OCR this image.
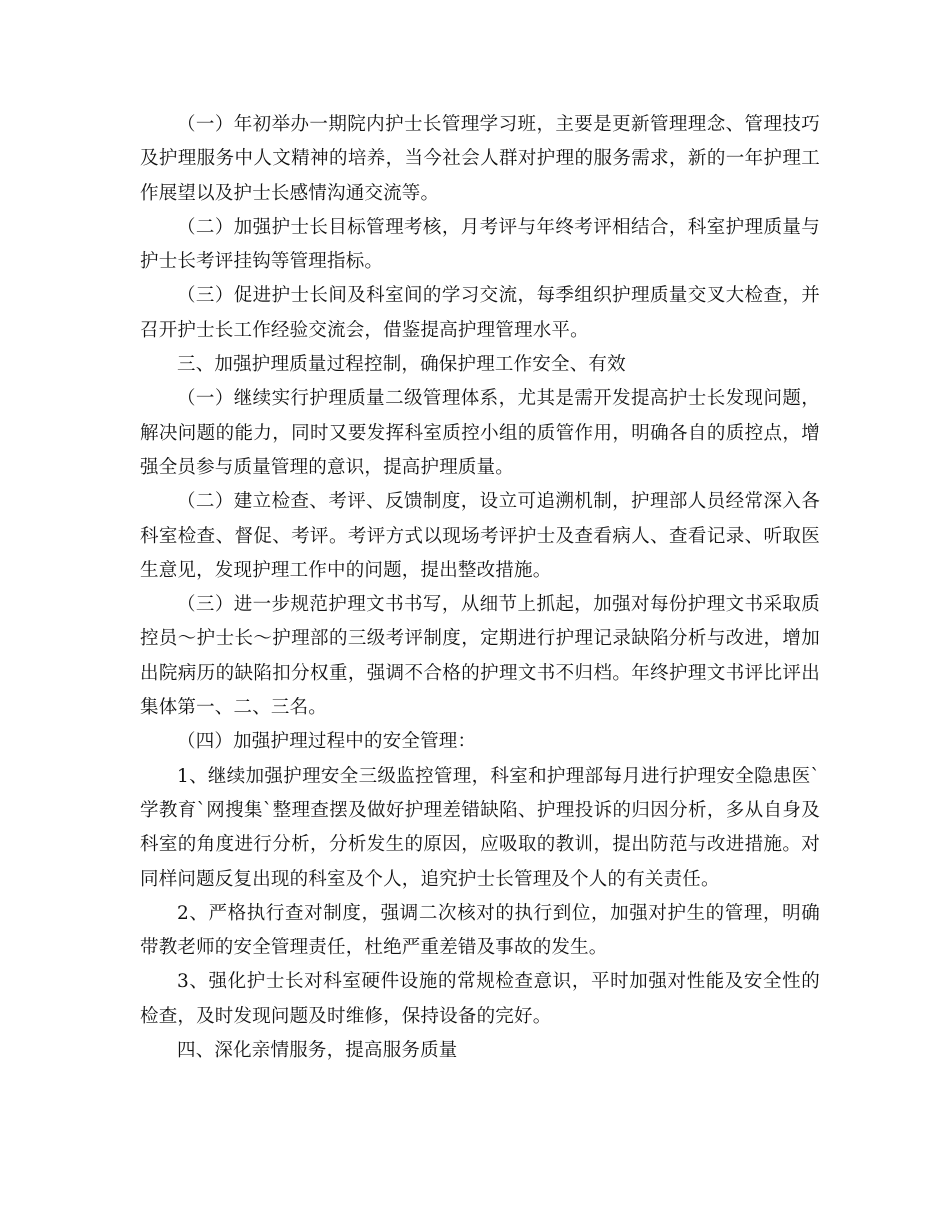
（一）年初举办一期院内护士长管理学习班，主要是更新管理理念、管理技巧及护理服务中人文精神的培养，当今社会人群对护理的服务需求，新的一年护理工作展望以及护士长感情沟通交流等。

（二）加强护士长目标管理考核，月考评与年终考评相结合，科室护理质量与护士长考评挂钩等管理指标。

（三）促进护士长间及科室间的学习交流，每季组织护理质量交叉大检查，并召开护士长工作经验交流会，借鉴提高护理管理水平。

三、加强护理质量过程控制，确保护理工作安全、有效

（一）继续实行护理质量二级管理体系，尤其是需开发提高护士长发现问题，解决问题的能力，同时又要发挥科室质控小组的质管作用，明确各自的质控点，增强全员参与质量管理的意识，提高护理质量。

（二）建立检查、考评、反馈制度，设立可追溯机制，护理部人员经常深入各科室检查、督促、考评。考评方式以现场考评护士及查看病人、查看记录、听取医生意见，发现护理工作中的问题，提出整改措施。

（三）进一步规范护理文书书写，从细节上抓起，加强对每份护理文书采取质控员～护士长～护理部的三级考评制度，定期进行护理记录缺陷分析与改进，增加出院病历的缺陷扣分权重，强调不合格的护理文书不归档。年终护理文书评比评出集体第一、二、三名。

（四）加强护理过程中的安全管理：

1、继续加强护理安全三级监控管理，科室和护理部每月进行护理安全隐患医`学教育`网搜集`整理查摆及做好护理差错缺陷、护理投诉的归因分析，多从自身及科室的角度进行分析，分析发生的原因，应吸取的教训，提出防范与改进措施。对同样问题反复出现的科室及个人，追究护士长管理及个人的有关责任。

2、严格执行查对制度，强调二次核对的执行到位，加强对护生的管理，明确带教老师的安全管理责任，杜绝严重差错及事故的发生。

3、强化护士长对科室硬件设施的常规检查意识，平时加强对性能及安全性的检查，及时发现问题及时维修，保持设备的完好。

四、深化亲情服务，提高服务质量
